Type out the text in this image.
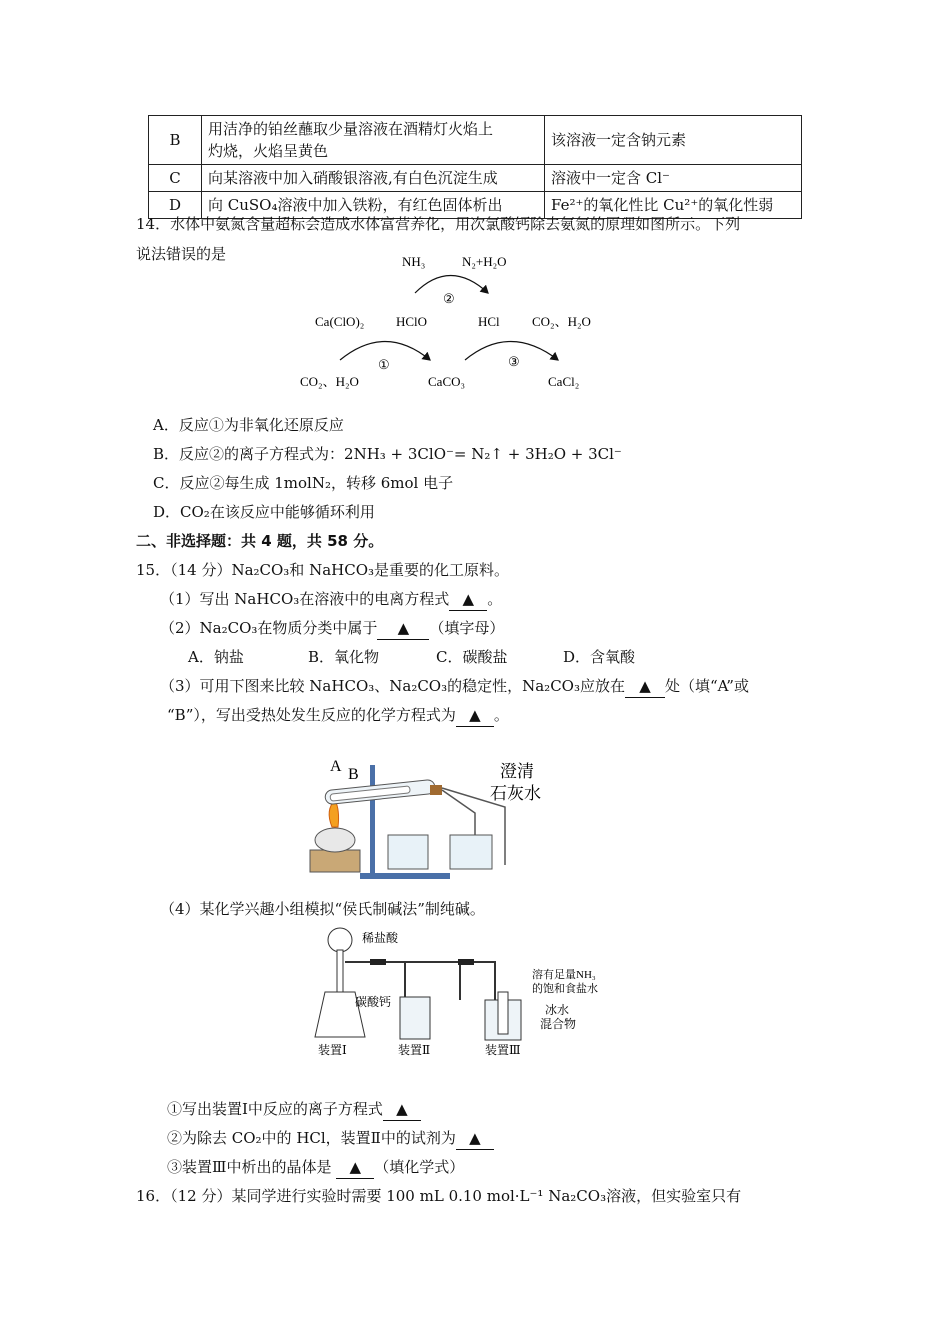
B	用洁净的铂丝蘸取少量溶液在酒精灯火焰上
灼烧，火焰呈黄色	该溶液一定含钠元素
C	向某溶液中加入硝酸银溶液,有白色沉淀生成	溶液中一定含 Cl⁻
D	向 CuSO₄溶液中加入铁粉，有红色固体析出	Fe²⁺的氧化性比 Cu²⁺的氧化性弱
14．水体中氨氮含量超标会造成水体富营养化，用次氯酸钙除去氨氮的原理如图所示。下列
说法错误的是	NH₃	N₂+H₂O
②
Ca(ClO)₂ HClO	HCl CO₂、H₂O
①	③
CO₂、H₂O	CaCO₃	CaCl₂
A．反应①为非氧化还原反应
B．反应②的离子方程式为：2NH₃ + 3ClO⁻= N₂↑ + 3H₂O + 3Cl⁻
C．反应②每生成 1molN₂，转移 6mol 电子
D．CO₂在该反应中能够循环利用
二、非选择题：共 4 题，共 58 分。
15．（14 分）Na₂CO₃和 NaHCO₃是重要的化工原料。
（1）写出 NaHCO₃在溶液中的电离方程式 ▲ 。
（2）Na₂CO₃在物质分类中属于 ▲ （填字母）
A．钠盐	B．氧化物	C．碳酸盐	D．含氧酸
（3）可用下图来比较 NaHCO₃、Na₂CO₃的稳定性，Na₂CO₃应放在 ▲ 处（填“A”或
“B”），写出受热处发生反应的化学方程式为 ▲ 。
A B	澄清
石灰水
（4）某化学兴趣小组模拟“侯氏制碱法”制纯碱。
稀盐酸
碳酸钙
溶有足量NH₃
的饱和食盐水
冰水
混合物
装置Ⅰ	装置Ⅱ	装置Ⅲ
①写出装置Ⅰ中反应的离子方程式 ▲
②为除去 CO₂中的 HCl，装置Ⅱ中的试剂为 ▲
③装置Ⅲ中析出的晶体是 ▲ （填化学式）
16．（12 分）某同学进行实验时需要 100 mL 0.10 mol·L⁻¹ Na₂CO₃溶液，但实验室只有
